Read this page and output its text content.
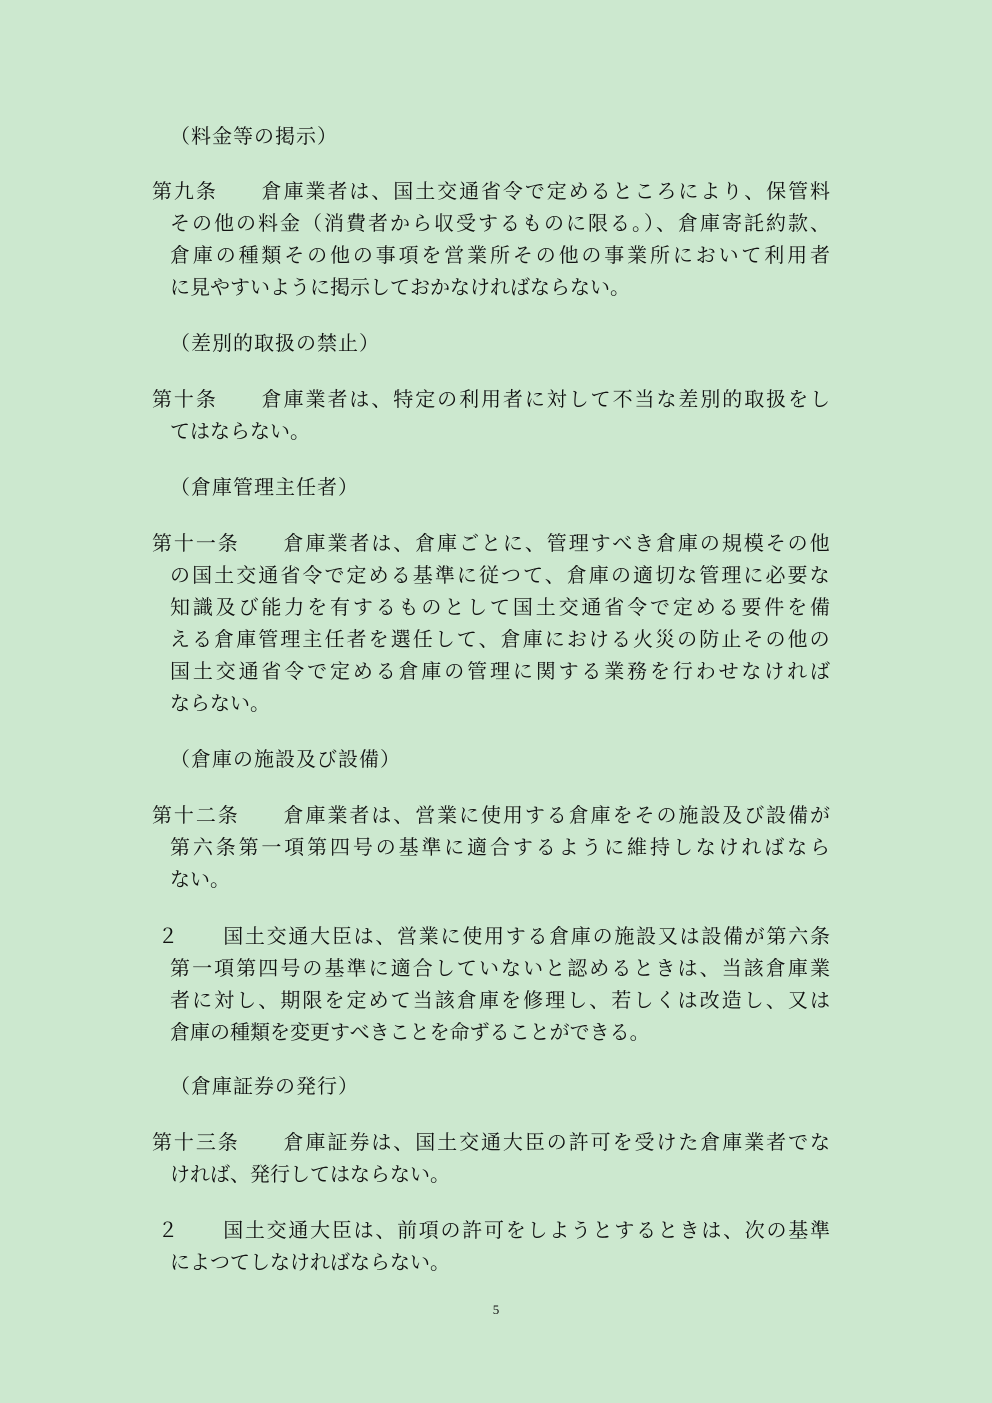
（料金等の掲示）
第九条　　倉庫業者は、国土交通省令で定めるところにより、保管料
その他の料金（消費者から収受するものに限る。）、倉庫寄託約款、
倉庫の種類その他の事項を営業所その他の事業所において利用者
に見やすいように掲示しておかなければならない。
（差別的取扱の禁止）
第十条　　倉庫業者は、特定の利用者に対して不当な差別的取扱をし
てはならない。
（倉庫管理主任者）
第十一条　　倉庫業者は、倉庫ごとに、管理すべき倉庫の規模その他
の国土交通省令で定める基準に従つて、倉庫の適切な管理に必要な
知識及び能力を有するものとして国土交通省令で定める要件を備
える倉庫管理主任者を選任して、倉庫における火災の防止その他の
国土交通省令で定める倉庫の管理に関する業務を行わせなければ
ならない。
（倉庫の施設及び設備）
第十二条　　倉庫業者は、営業に使用する倉庫をその施設及び設備が
第六条第一項第四号の基準に適合するように維持しなければなら
ない。
２　　国土交通大臣は、営業に使用する倉庫の施設又は設備が第六条
第一項第四号の基準に適合していないと認めるときは、当該倉庫業
者に対し、期限を定めて当該倉庫を修理し、若しくは改造し、又は
倉庫の種類を変更すべきことを命ずることができる。
（倉庫証券の発行）
第十三条　　倉庫証券は、国土交通大臣の許可を受けた倉庫業者でな
ければ、発行してはならない。
２　　国土交通大臣は、前項の許可をしようとするときは、次の基準
によつてしなければならない。
5
